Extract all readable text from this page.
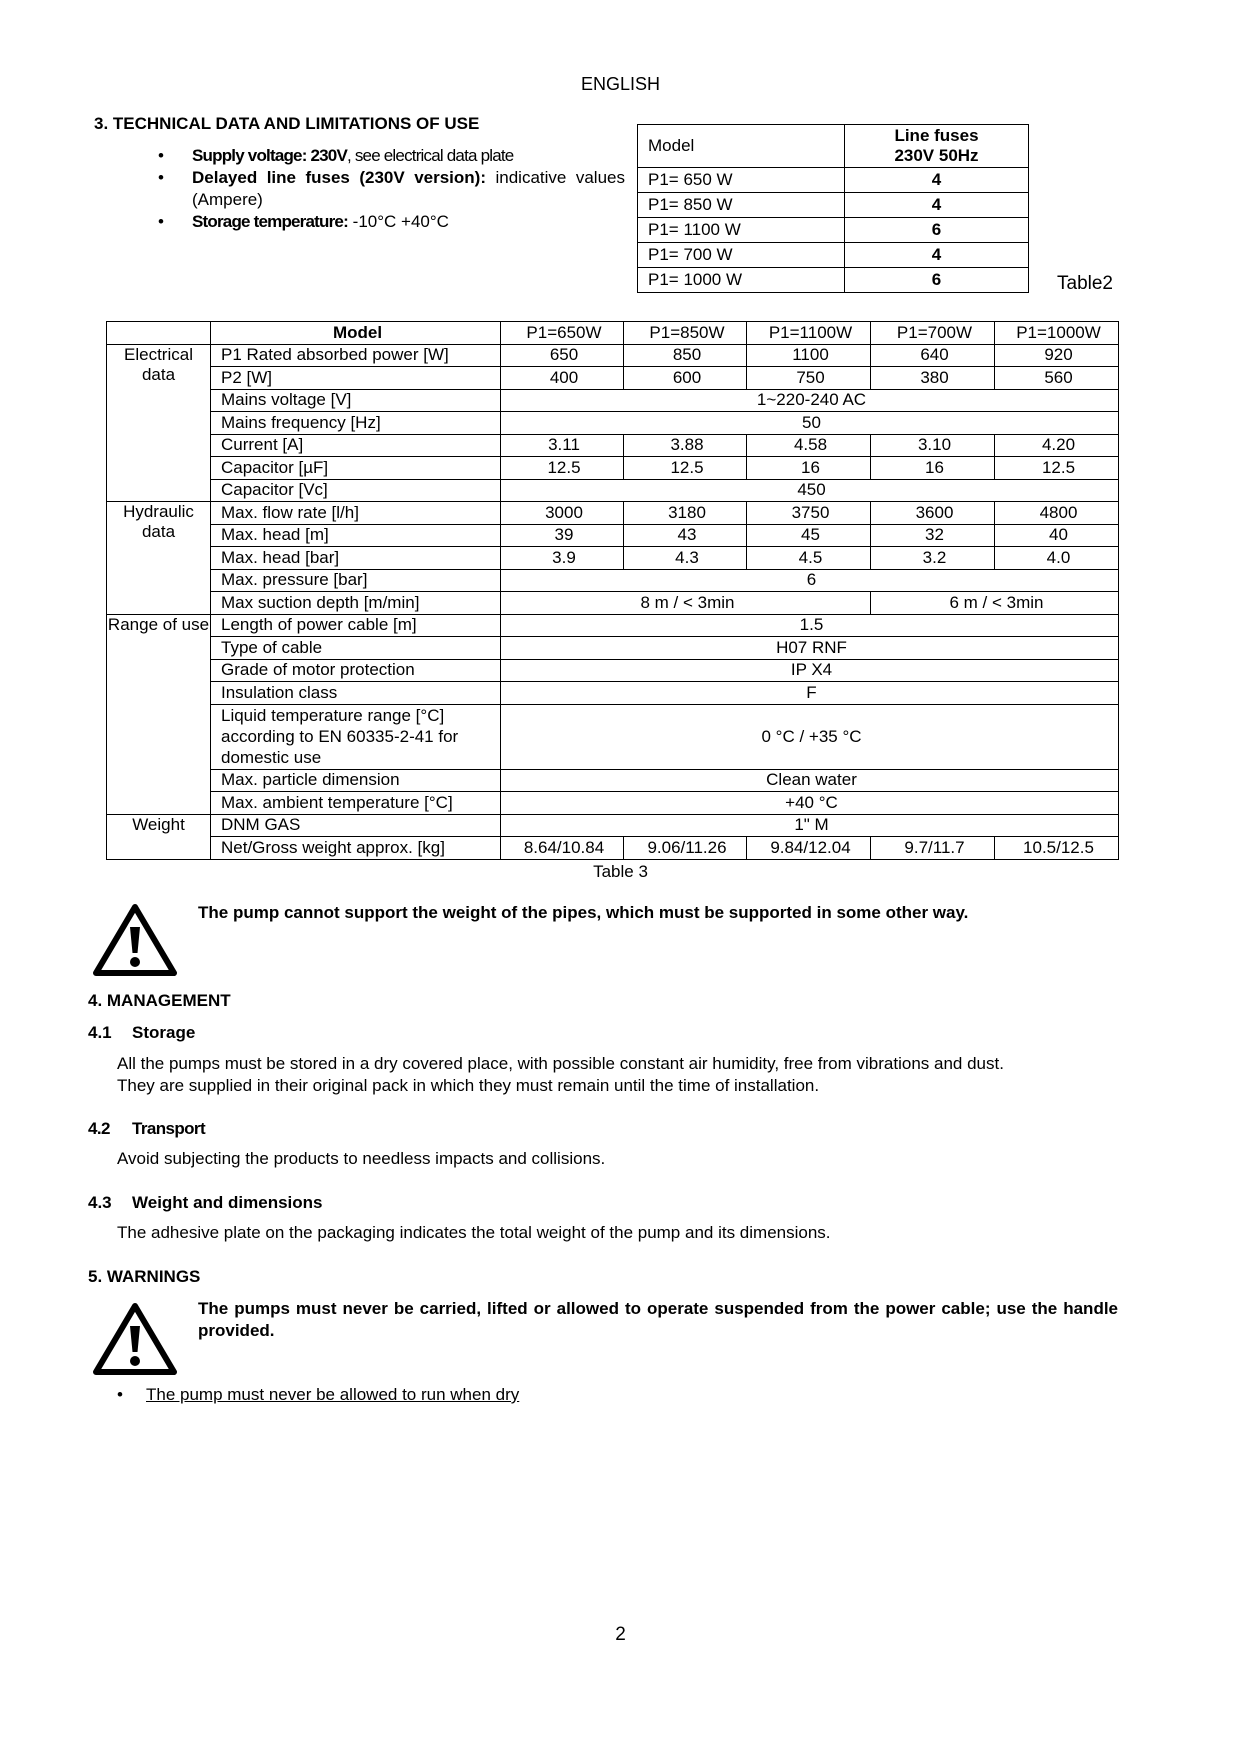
ENGLISH
3. TECHNICAL DATA AND LIMITATIONS OF USE
• Supply voltage: 230V, see electrical data plate
• Delayed line fuses (230V version): indicative values (Ampere)
• Storage temperature: -10°C +40°C
Model	Line fuses
230V 50Hz
P1= 650 W	4
P1= 850 W	4
P1= 1100 W	6
P1= 700 W	4
P1= 1000 W	6	Table2
	Model	P1=650W	P1=850W	P1=1100W	P1=700W	P1=1000W
Electrical data	P1 Rated absorbed power [W]	650	850	1100	640	920
	P2 [W]	400	600	750	380	560
	Mains voltage [V]	1~220-240 AC				
	Mains frequency [Hz]	50				
	Current [A]	3.11	3.88	4.58	3.10	4.20
	Capacitor [µF]	12.5	12.5	16	16	12.5
	Capacitor [Vc]	450				
Hydraulic data	Max. flow rate [l/h]	3000	3180	3750	3600	4800
	Max. head [m]	39	43	45	32	40
	Max. head [bar]	3.9	4.3	4.5	3.2	4.0
	Max. pressure [bar]	6				
	Max suction depth [m/min]	8 m / < 3min			6 m / < 3min	
Range of use	Length of power cable [m]	1.5				
	Type of cable	H07 RNF				
	Grade of motor protection	IP X4				
	Insulation class	F				
	Liquid temperature range [°C]
according to EN 60335-2-41 for
domestic use	0 °C / +35 °C				
	Max. particle dimension	Clean water				
	Max. ambient temperature [°C]	+40 °C				
Weight	DNM GAS	1" M				
	Net/Gross weight approx. [kg]	8.64/10.84	9.06/11.26	9.84/12.04	9.7/11.7	10.5/12.5
Table 3
The pump cannot support the weight of the pipes, which must be supported in some other way.
4. MANAGEMENT
4.1 Storage
All the pumps must be stored in a dry covered place, with possible constant air humidity, free from vibrations and dust.
They are supplied in their original pack in which they must remain until the time of installation.
4.2 Transport
Avoid subjecting the products to needless impacts and collisions.
4.3 Weight and dimensions
The adhesive plate on the packaging indicates the total weight of the pump and its dimensions.
5. WARNINGS
The pumps must never be carried, lifted or allowed to operate suspended from the power cable; use the handle provided.
• The pump must never be allowed to run when dry
2
